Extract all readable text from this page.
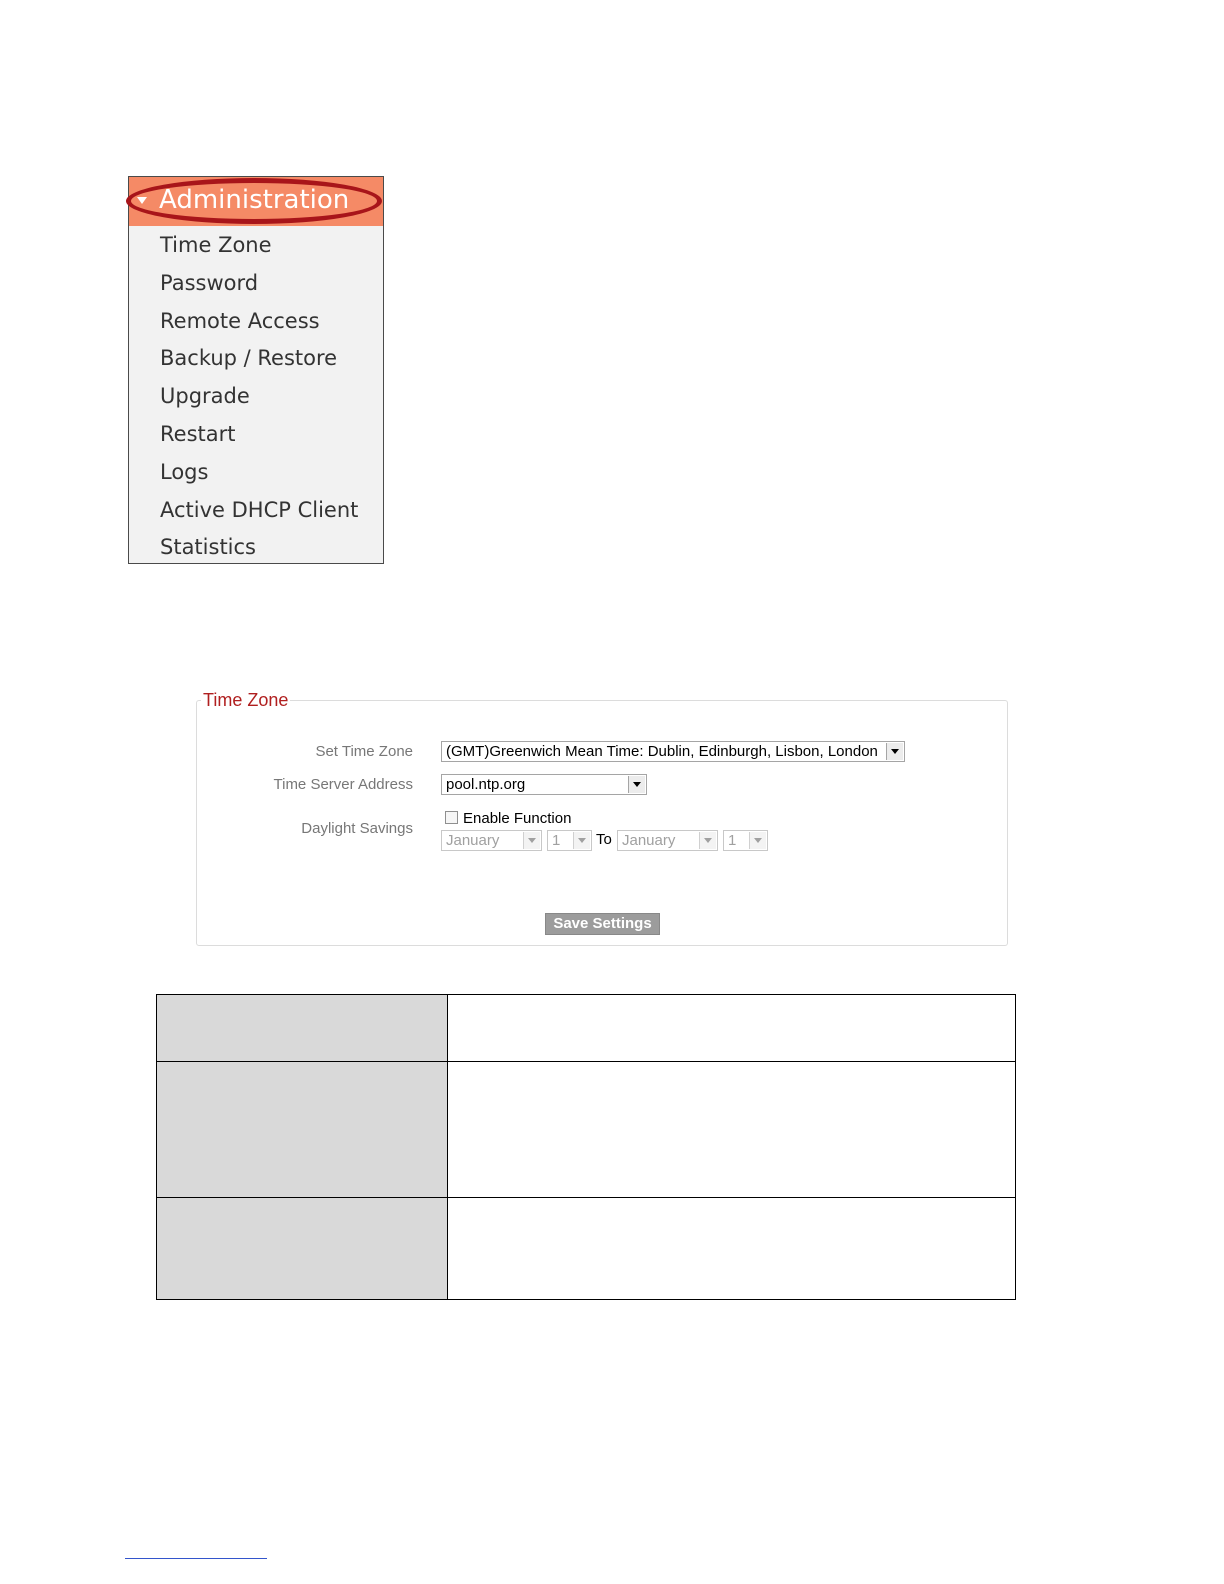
Administration
Time Zone
Password
Remote Access
Backup / Restore
Upgrade
Restart
Logs
Active DHCP Client
Statistics
Time Zone
Set Time Zone	(GMT)Greenwich Mean Time: Dublin, Edinburgh, Lisbon, London
Time Server Address	pool.ntp.org
Daylight Savings
Enable Function
January	1	To January	1
Save Settings
